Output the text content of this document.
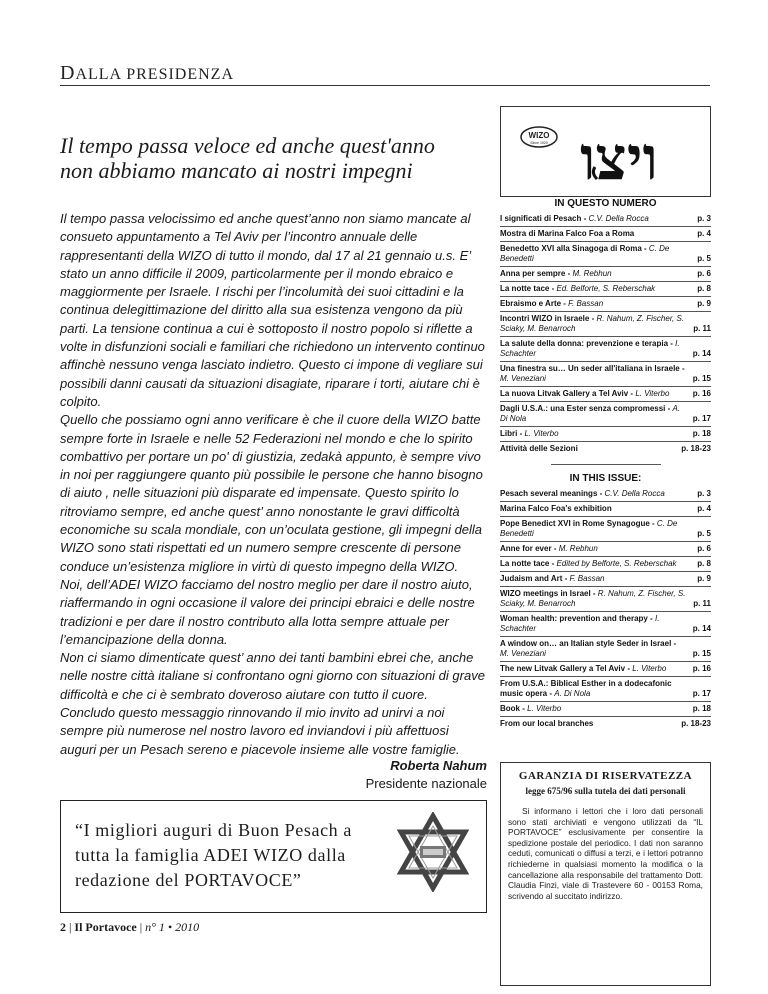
DALLA PRESIDENZA
Il tempo passa veloce ed anche quest'anno
non abbiamo mancato ai nostri impegni

Il tempo passa velocissimo ed anche quest’anno non siamo mancate al consueto appuntamento a Tel Aviv per l’incontro annuale delle rappresentanti della WIZO di tutto il mondo, dal 17 al 21 gennaio u.s. E’ stato un anno difficile il 2009, particolarmente per il mondo ebraico e maggiormente per Israele. I rischi per l’incolumità dei suoi cittadini e la continua delegittimazione del diritto alla sua esistenza vengono da più parti. La tensione continua a cui è sottoposto il nostro popolo si riflette a volte in disfunzioni sociali e familiari che richiedono un intervento continuo affinchè nessuno venga lasciato indietro. Questo ci impone di vegliare sui possibili danni causati da situazioni disagiate, riparare i torti, aiutare chi è colpito.

Quello che possiamo ogni anno verificare è che il cuore della WIZO batte sempre forte in Israele e nelle 52 Federazioni nel mondo e che lo spirito combattivo per portare un po' di giustizia, zedakà appunto, è sempre vivo in noi per raggiungere quanto più possibile le persone che hanno bisogno di aiuto , nelle situazioni più disparate ed impensate. Questo spirito lo ritroviamo sempre, ed anche quest’ anno nonostante le gravi difficoltà economiche su scala mondiale, con un’oculata gestione, gli impegni della WIZO sono stati rispettati ed un numero sempre crescente di persone conduce un’esistenza migliore in virtù di questo impegno della WIZO.

Noi, dell’ADEI WIZO facciamo del nostro meglio per dare il nostro aiuto, riaffermando in ogni occasione il valore dei principi ebraici e delle nostre tradizioni e per dare il nostro contributo alla lotta sempre attuale per l’emancipazione della donna.

Non ci siamo dimenticate quest’ anno dei tanti bambini ebrei che, anche nelle nostre città italiane si confrontano ogni giorno con situazioni di grave difficoltà e che ci è sembrato doveroso aiutare con tutto il cuore.

Concludo questo messaggio rinnovando il mio invito ad unirvi a noi sempre più numerose nel nostro lavoro ed inviandovi i più affettuosi auguri per un Pesach sereno e piacevole insieme alle vostre famiglie.

Roberta Nahum
Presidente nazionale
“I migliori auguri di Buon Pesach a
tutta la famiglia ADEI WIZO dalla
redazione del PORTAVOCE”
2 | Il Portavoce | n° 1 • 2010
WIZO
Since 1920 ויצו
IN QUESTO NUMERO
I significati di Pesach - C.V. Della Rocca	p. 3
Mostra di Marina Falco Foa a Roma	p. 4
Benedetto XVI alla Sinagoga di Roma - C. De Benedetti	p. 5
Anna per sempre - M. Rebhun	p. 6
La notte tace - Ed. Belforte, S. Reberschak	p. 8
Ebraismo e Arte - F. Bassan	p. 9
Incontri WIZO in Israele - R. Nahum, Z. Fischer, S. Sciaky, M. Benarroch	p. 11
La salute della donna: prevenzione e terapia - I. Schachter	p. 14
Una finestra su… Un seder all'italiana in Israele - M. Veneziani	p. 15
La nuova Litvak Gallery a Tel Aviv - L. Viterbo	p. 16
Dagli U.S.A.: una Ester senza compromessi - A. Di Nola	p. 17
Libri - L. Viterbo	p. 18
Attività delle Sezioni	p. 18-23
IN THIS ISSUE:
Pesach several meanings - C.V. Della Rocca	p. 3
Marina Falco Foa's exhibition	p. 4
Pope Benedict XVI in Rome Synagogue - C. De Benedetti	p. 5
Anne for ever - M. Rebhun	p. 6
La notte tace - Edited by Belforte, S. Reberschak	p. 8
Judaism and Art - F. Bassan	p. 9
WIZO meetings in Israel - R. Nahum, Z. Fischer, S. Sciaky, M. Benarroch	p. 11
Woman health: prevention and therapy - I. Schachter	p. 14
A window on… an Italian style Seder in Israel - M. Veneziani	p. 15
The new Litvak Gallery a Tel Aviv - L. Viterbo	p. 16
From U.S.A.: Biblical Esther in a dodecafonic music opera - A. Di Nola	p. 17
Book - L. Viterbo	p. 18
From our local branches	p. 18-23
GARANZIA DI RISERVATEZZA
legge 675/96 sulla tutela dei dati personali
Si informano i lettori che i loro dati personali sono stati archiviati e vengono utilizzati da “IL PORTAVOCE” esclusivamente per consentire la spedizione postale del periodico. I dati non saranno ceduti, comunicati o diffusi a terzi, e i lettori potranno richiederne in qualsiasi momento la modifica o la cancellazione alla responsabile del trattamento Dott. Claudia Finzi, viale di Trastevere 60 - 00153 Roma, scrivendo al succitato indirizzo.
